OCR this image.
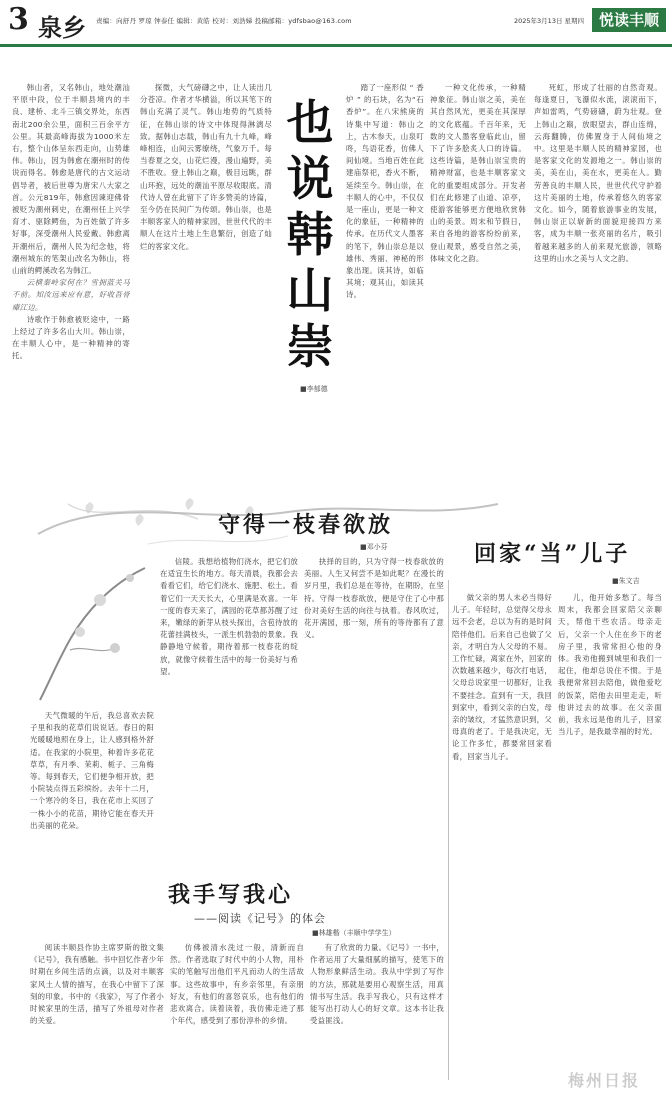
3 泉乡 责编：向舒丹 罗琼 钟泰任 编辑：黄皓 校对：刘浩娣 投稿邮箱：ydfsbao@163.com	2025年3月13日 星期四 悦读丰顺

韩山者，又名韩山，地处潮汕平原中段，位于丰顺县境内的丰良、建桥、北斗三镇交界处，东西南北200余公里，面积三百余平方公里。其最高峰海拔为1000米左右，整个山体呈东西走向，山势雄伟。韩山，因为韩愈在潮州时的传说而得名。韩愈是唐代的古文运动倡导者，被后世尊为唐宋八大家之首。公元819年，韩愈因谏迎佛骨被贬为潮州刺史，在潮州任上兴学育才、驱除鳄鱼，为百姓做了许多好事，深受潮州人民爱戴。韩愈离开潮州后，潮州人民为纪念他，将潮州城东的笔架山改名为韩山，将山前的鳄溪改名为韩江。

云横秦岭家何在？雪拥蓝关马不前。知汝远来应有意，好收吾骨瘴江边。

诗歌作于韩愈被贬途中，一路上经过了许多名山大川。韩山崇，在丰顺人心中，是一种精神的寄托。

探微，大气磅礴之中，让人读出几分苍凉。作者才华横溢，所以其笔下的韩山充满了灵气。韩山地势的气质特征，在韩山崇的诗文中体现得淋漓尽致。据韩山志载，韩山有九十九峰，峰峰相连，山间云雾缭绕，气象万千。每当春夏之交，山花烂漫，漫山遍野，美不胜收。登上韩山之巅，极目远眺，群山环抱，远处的潮汕平原尽收眼底。清代诗人曾在此留下了许多赞美的诗篇，至今仍在民间广为传颂。韩山崇，也是丰顺客家人的精神家园，世世代代的丰顺人在这片土地上生息繁衍，创造了灿烂的客家文化。

也
说
韩
山
崇
■李郁德

踏了一座形似 “ 香炉 ” 的石块，名为“石香炉”。在八宋熊庚的诗集中写道：韩山之上，古木参天，山泉叮咚，鸟语花香，仿佛人间仙境。当地百姓在此建庙祭祀，香火不断，延续至今。韩山崇，在丰顺人的心中，不仅仅是一座山，更是一种文化的象征，一种精神的传承。在历代文人墨客的笔下，韩山崇总是以雄伟、秀丽、神秘的形象出现。读其诗，如临其境；观其山，如读其诗。

一种文化传承，一种精神象征。韩山崇之美，美在其自然风光，更美在其深厚的文化底蕴。千百年来，无数的文人墨客登临此山，留下了许多脍炙人口的诗篇。这些诗篇，是韩山崇宝贵的精神财富，也是丰顺客家文化的重要组成部分。开发者们在此修建了山道、凉亭，使游客能够更方便地欣赏韩山的美景。周末和节假日，来自各地的游客纷纷前来，登山观景，感受自然之美，体味文化之韵。

死虹，形成了壮丽的自然奇观。每逢夏日，飞瀑似水流，滚滚而下，声如雷鸣，气势磅礴，蔚为壮观。登上韩山之巅，放眼望去，群山连绵，云海翻腾，仿佛置身于人间仙境之中。这里是丰顺人民的精神家园，也是客家文化的发源地之一。韩山崇的美，美在山，美在水，更美在人。勤劳善良的丰顺人民，世世代代守护着这片美丽的土地，传承着悠久的客家文化。如今，随着旅游事业的发展，韩山崇正以崭新的面貌迎接四方来客，成为丰顺一张亮丽的名片，吸引着越来越多的人前来观光旅游，领略这里的山水之美与人文之韵。

守得一枝春欲放
■邓小芬

天气微暖的午后，我总喜欢去院子里和我的花草们说说话。春日的阳光暖暖地照在身上，让人感到格外舒适。在我家的小院里，种着许多花花草草，有月季、茉莉、栀子、三角梅等。每到春天，它们便争相开放，把小院装点得五彩缤纷。去年十二月，一个寒冷的冬日，我在花市上买回了一株小小的花苗，期待它能在春天开出美丽的花朵。

信陵。我想给植物们浇水，把它们放在适宜生长的地方。每天清晨，我都会去看看它们，给它们浇水、施肥、松土。看着它们一天天长大，心里满是欢喜。一年一度的春天来了，满园的花草都苏醒了过来，嫩绿的新芽从枝头探出，含苞待放的花蕾挂满枝头，一派生机勃勃的景象。我静静地守候着，期待着那一枝春花的绽放，就像守候着生活中的每一份美好与希望。

抉择的目的，只为守得一枝春欲放的美丽。人生又何尝不是如此呢？在漫长的岁月里，我们总是在等待，在期盼，在坚持。守得一枝春欲放，便是守住了心中那份对美好生活的向往与执着。春风吹过，花开满园，那一刻，所有的等待都有了意义。

回家“当”儿子
■朱文吉

做父亲的男人未必当得好儿子。年轻时，总觉得父母永远不会老，总以为有的是时间陪伴他们。后来自己也做了父亲，才明白为人父母的不易。工作忙碌，离家在外，回家的次数越来越少，每次打电话，父母总说家里一切都好，让我不要挂念。直到有一天，我回到家中，看到父亲的白发，母亲的皱纹，才猛然意识到，父母真的老了。于是我决定，无论工作多忙，都要常回家看看，回家当儿子。

儿，他开始多愁了。每当周末，我都会回家陪父亲聊天，帮他干些农活。母亲走后，父亲一个人住在乡下的老房子里，我常常担心他的身体。我劝他搬到城里和我们一起住，他却总说住不惯。于是我便常常回去陪他，做他爱吃的饭菜，陪他去田里走走，听他讲过去的故事。在父亲面前，我永远是他的儿子，回家当儿子，是我最幸福的时光。

我手写我心
——阅读《记号》的体会
■林雄楷（丰顺中学学生）

阅读丰顺县作协主席罗斯的散文集《记号》，我有感触。书中回忆作者少年时期在乡间生活的点滴，以及对丰顺客家风土人情的描写，在我心中留下了深刻的印象。书中的《我家》，写了作者小时候家里的生活，描写了外祖母对作者的关爱。

仿佛被清水洗过一般，清新而自然。作者选取了时代中的小人物，用朴实的笔触写出他们平凡而动人的生活故事。这些故事中，有乡亲邻里，有亲朋好友，有他们的喜怒哀乐，也有他们的悲欢离合。读着读着，我仿佛走进了那个年代，感受到了那份淳朴的乡情。

有了欣赏的力量。《记号》一书中，作者运用了大量细腻的描写，使笔下的人物形象鲜活生动。我从中学到了写作的方法，那就是要用心观察生活，用真情书写生活。我手写我心，只有这样才能写出打动人心的好文章。这本书让我受益匪浅。

梅州日报
